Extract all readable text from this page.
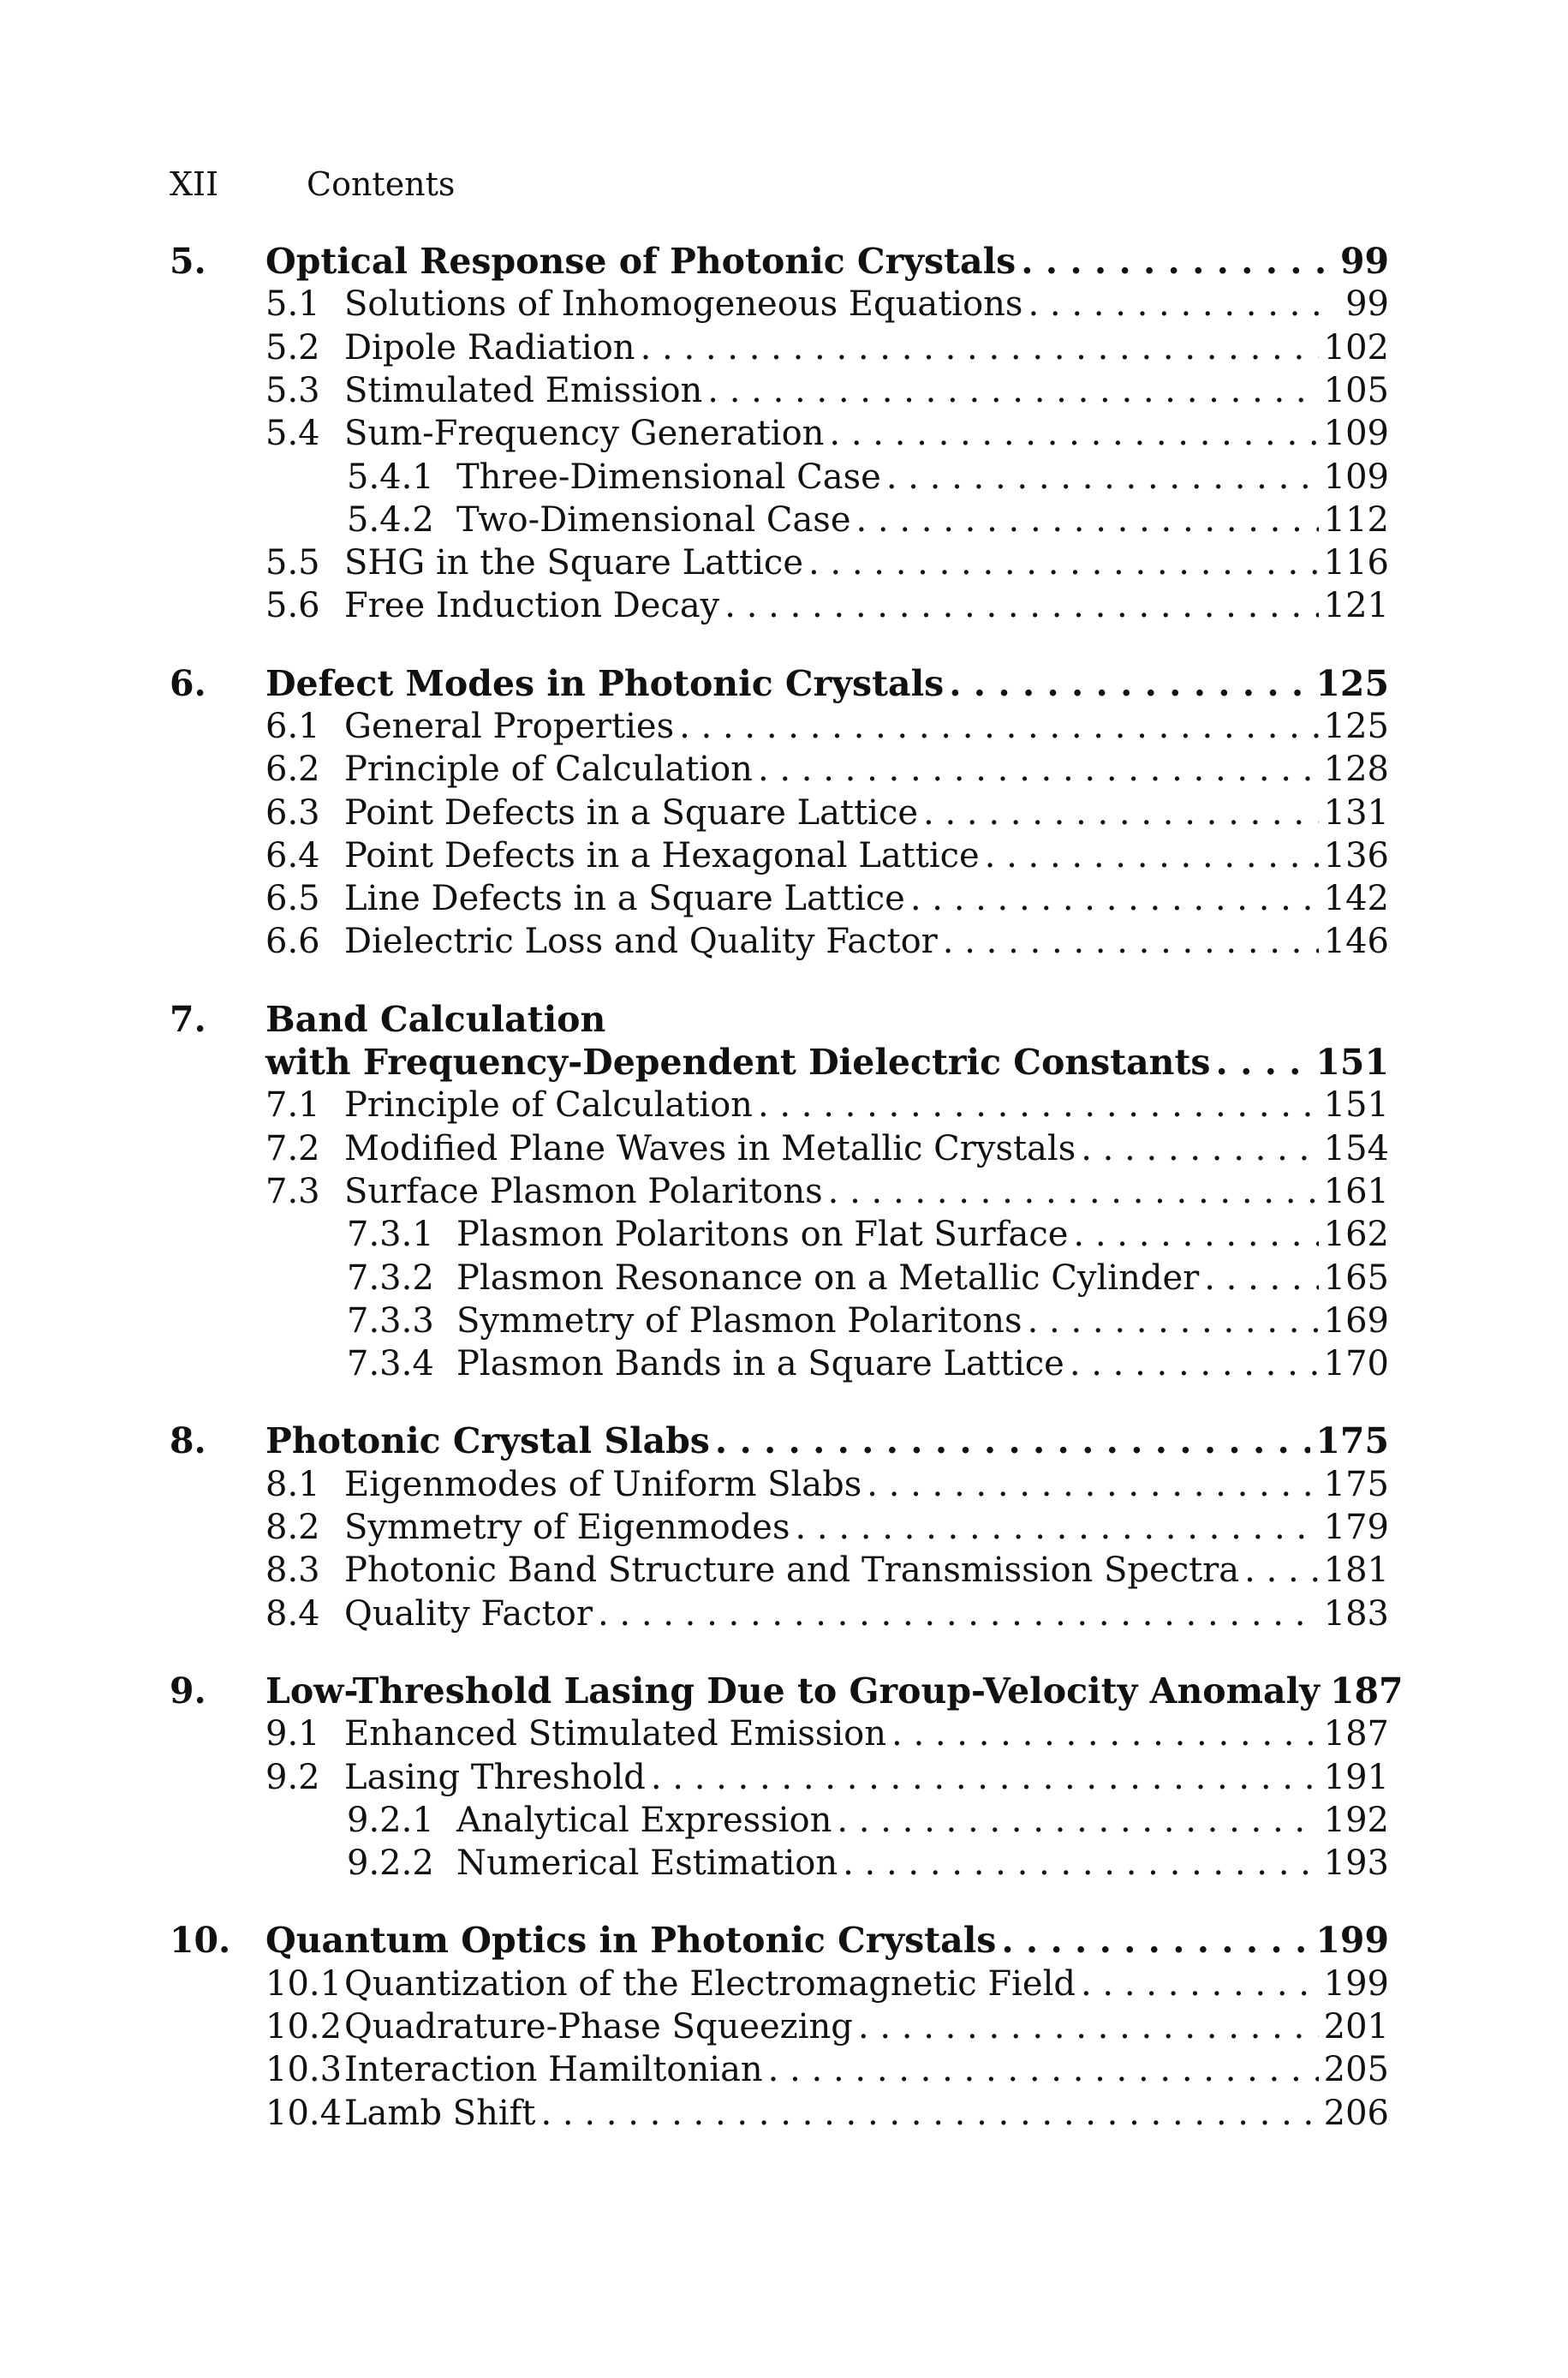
XII	Contents
5.	Optical Response of Photonic Crystals . . .	99
5.1 Solutions of Inhomogeneous Equations . . .	99
5.2 Dipole Radiation . . .	102
5.3 Stimulated Emission . . .	105
5.4 Sum-Frequency Generation . . .	109
5.4.1 Three-Dimensional Case . . .	109
5.4.2 Two-Dimensional Case . . .	112
5.5 SHG in the Square Lattice . . .	116
5.6 Free Induction Decay . . .	121
6.	Defect Modes in Photonic Crystals . . .	125
6.1 General Properties . . .	125
6.2 Principle of Calculation . . .	128
6.3 Point Defects in a Square Lattice . . .	131
6.4 Point Defects in a Hexagonal Lattice . . .	136
6.5 Line Defects in a Square Lattice . . .	142
6.6 Dielectric Loss and Quality Factor . . .	146
7.	Band Calculation
with Frequency-Dependent Dielectric Constants . . .	151
7.1 Principle of Calculation . . .	151
7.2 Modified Plane Waves in Metallic Crystals . . .	154
7.3 Surface Plasmon Polaritons . . .	161
7.3.1 Plasmon Polaritons on Flat Surface . . .	162
7.3.2 Plasmon Resonance on a Metallic Cylinder . . .	165
7.3.3 Symmetry of Plasmon Polaritons . . .	169
7.3.4 Plasmon Bands in a Square Lattice . . .	170
8.	Photonic Crystal Slabs . . .	175
8.1 Eigenmodes of Uniform Slabs . . .	175
8.2 Symmetry of Eigenmodes . . .	179
8.3 Photonic Band Structure and Transmission Spectra . . . 181
8.4 Quality Factor . . .	183
9.	Low-Threshold Lasing Due to Group-Velocity Anomaly 187
9.1 Enhanced Stimulated Emission . . .	187
9.2 Lasing Threshold . . .	191
9.2.1 Analytical Expression . . .	192
9.2.2 Numerical Estimation . . .	193
10. Quantum Optics in Photonic Crystals . . .	199
10.1 Quantization of the Electromagnetic Field . . .	199
10.2 Quadrature-Phase Squeezing . . .	201
10.3 Interaction Hamiltonian . . .	205
10.4 Lamb Shift . . .	206
